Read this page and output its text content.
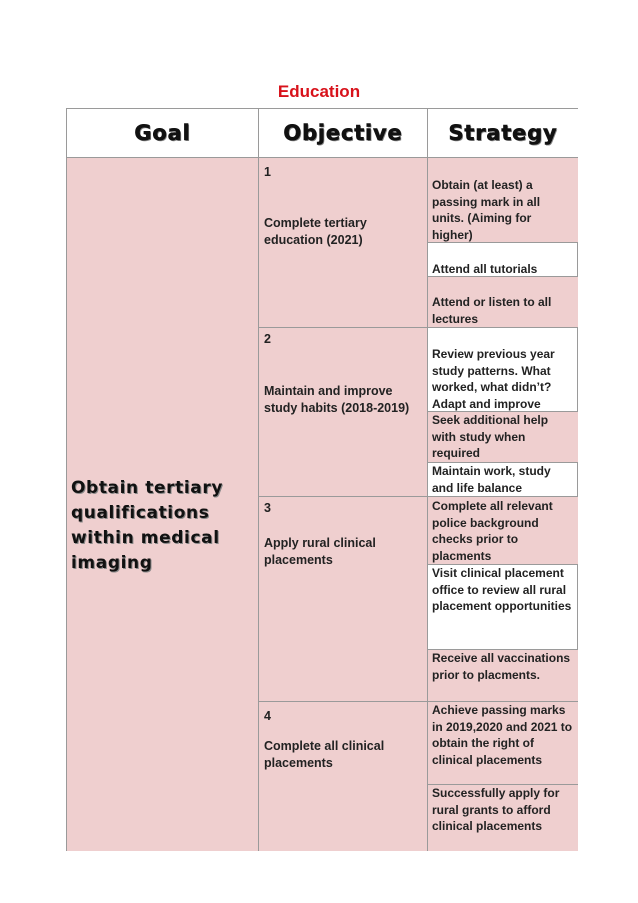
Education
Goal	Objective Strategy
Obtain tertiary qualifications within medical imaging
1
Complete tertiary education (2021)
2
Maintain and improve study habits (2018-2019)
3
Apply rural clinical placements
4
Complete all clinical placements
Obtain (at least) a passing mark in all units. (Aiming for higher)
Attend all tutorials
Attend or listen to all lectures
Review previous year study patterns. What worked, what didn’t? Adapt and improve
Seek additional help with study when required
Maintain work, study and life balance
Complete all relevant police background checks prior to placments
Visit clinical placement office to review all rural placement opportunities
Receive all vaccinations prior to placments.
Achieve passing marks in 2019,2020 and 2021 to obtain the right of clinical placements
Successfully apply for rural grants to afford clinical placements
